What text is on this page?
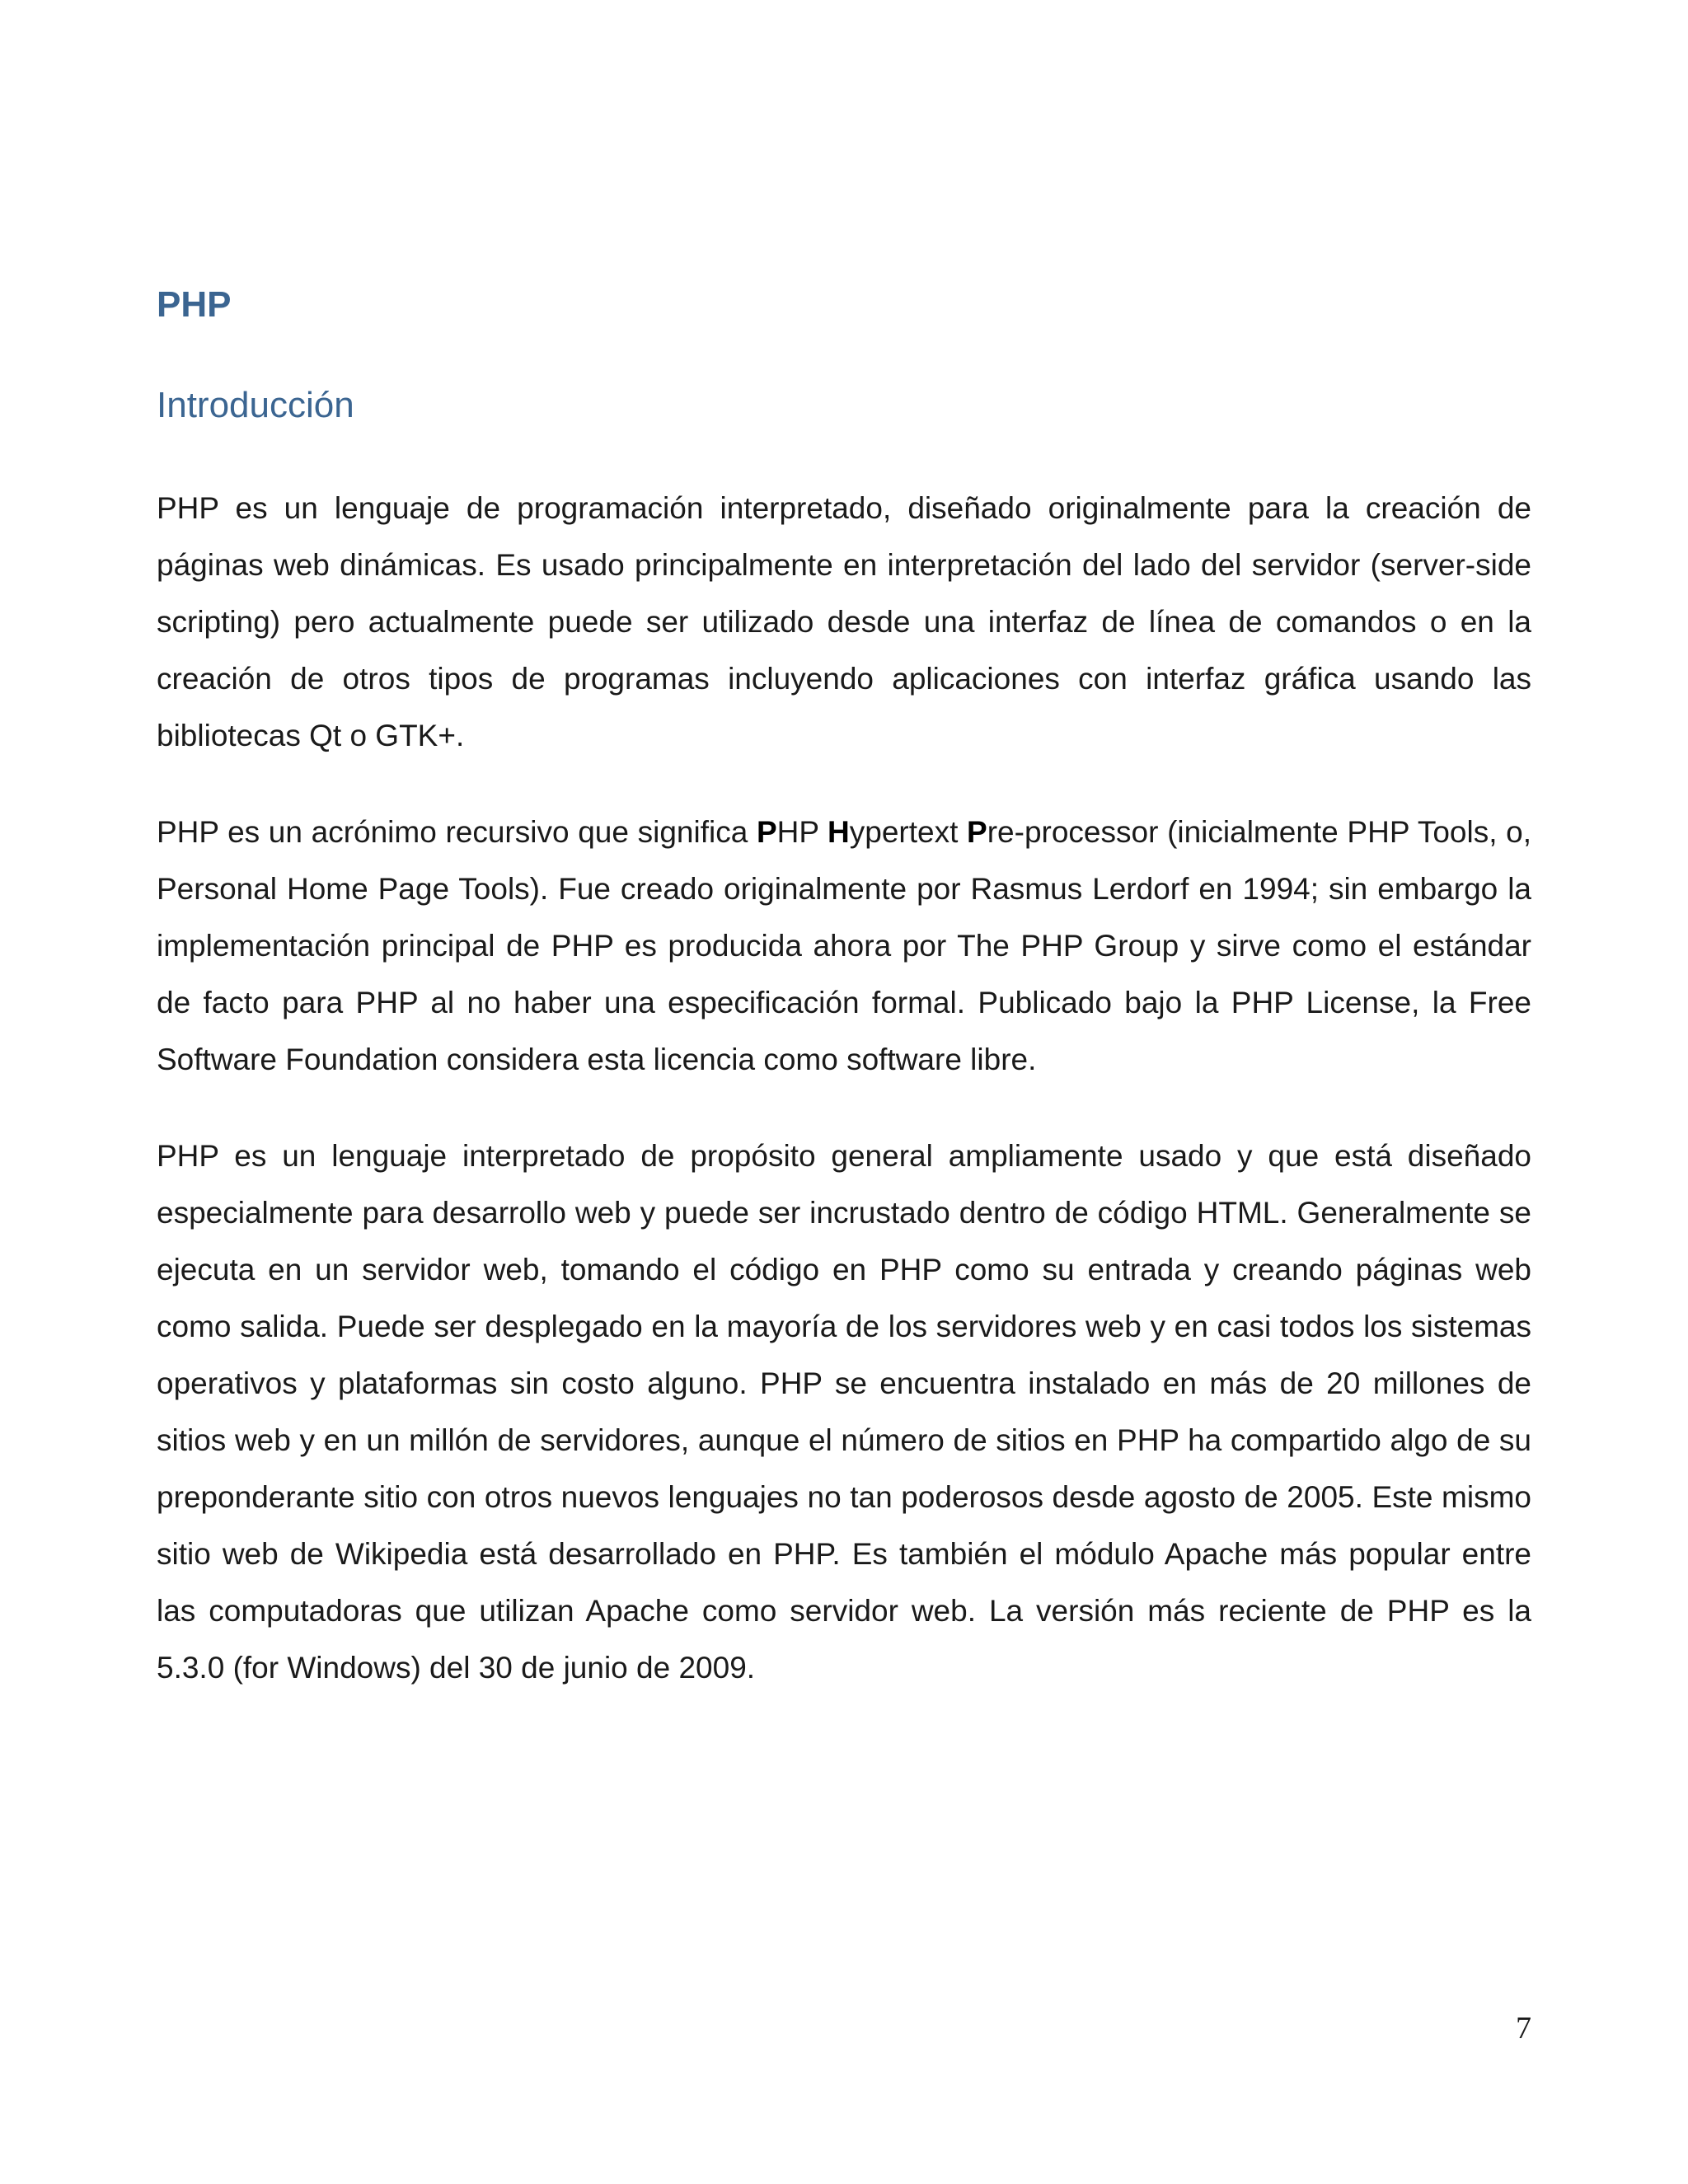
PHP
Introducción

PHP es un lenguaje de programación interpretado, diseñado originalmente para la creación de páginas web dinámicas. Es usado principalmente en interpretación del lado del servidor (server-side scripting) pero actualmente puede ser utilizado desde una interfaz de línea de comandos o en la creación de otros tipos de programas incluyendo aplicaciones con interfaz gráfica usando las bibliotecas Qt o GTK+.

PHP es un acrónimo recursivo que significa PHP Hypertext Pre-processor (inicialmente PHP Tools, o, Personal Home Page Tools). Fue creado originalmente por Rasmus Lerdorf en 1994; sin embargo la implementación principal de PHP es producida ahora por The PHP Group y sirve como el estándar de facto para PHP al no haber una especificación formal. Publicado bajo la PHP License, la Free Software Foundation considera esta licencia como software libre.

PHP es un lenguaje interpretado de propósito general ampliamente usado y que está diseñado especialmente para desarrollo web y puede ser incrustado dentro de código HTML. Generalmente se ejecuta en un servidor web, tomando el código en PHP como su entrada y creando páginas web como salida. Puede ser desplegado en la mayoría de los servidores web y en casi todos los sistemas operativos y plataformas sin costo alguno. PHP se encuentra instalado en más de 20 millones de sitios web y en un millón de servidores, aunque el número de sitios en PHP ha compartido algo de su preponderante sitio con otros nuevos lenguajes no tan poderosos desde agosto de 2005. Este mismo sitio web de Wikipedia está desarrollado en PHP. Es también el módulo Apache más popular entre las computadoras que utilizan Apache como servidor web. La versión más reciente de PHP es la 5.3.0 (for Windows) del 30 de junio de 2009.

7
